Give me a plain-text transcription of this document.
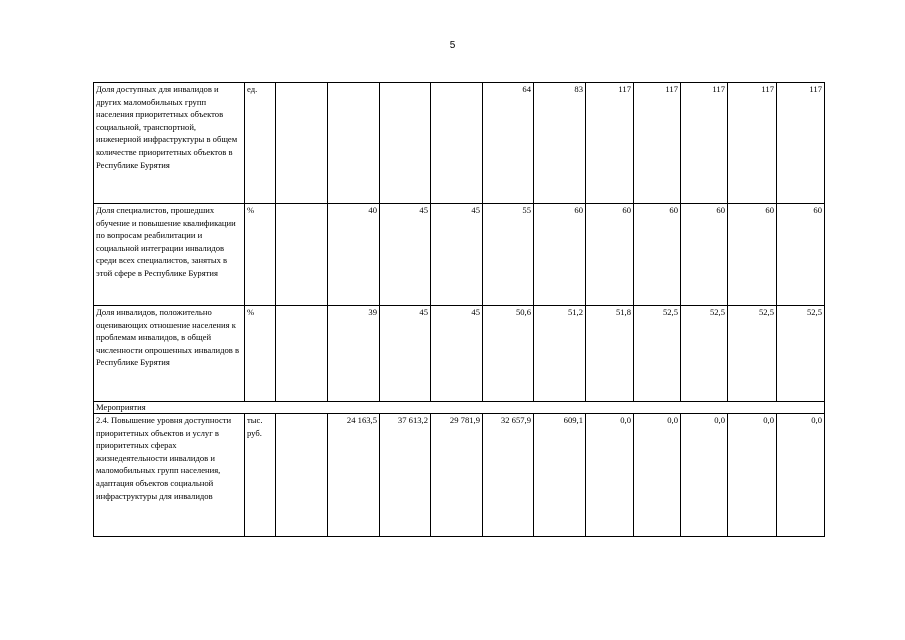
5
Доля доступных для инвалидов и других маломобильных групп населения приоритетных объектов социальной, транспортной, инженерной инфраструктуры в общем количестве приоритетных объектов в Республике Бурятия	ед.					64	83	117	117	117	117	117
Доля специалистов, прошедших обучение и повышение квалификации по вопросам реабилитации и социальной интеграции инвалидов среди всех специалистов, занятых в этой сфере в Республике Бурятия	%		40	45	45	55	60	60	60	60	60	60
Доля инвалидов, положительно оценивающих отношение населения к проблемам инвалидов, в общей численности опрошенных инвалидов в Республике Бурятия	%		39	45	45	50,6	51,2	51,8	52,5	52,5	52,5	52,5
Мероприятия												
2.4. Повышение уровня доступности приоритетных объектов и услуг в приоритетных сферах жизнедеятельности инвалидов и маломобильных групп населения, адаптация объектов социальной инфраструктуры для инвалидов	тыс. руб.		24 163,5	37 613,2	29 781,9	32 657,9	609,1	0,0	0,0	0,0	0,0	0,0
